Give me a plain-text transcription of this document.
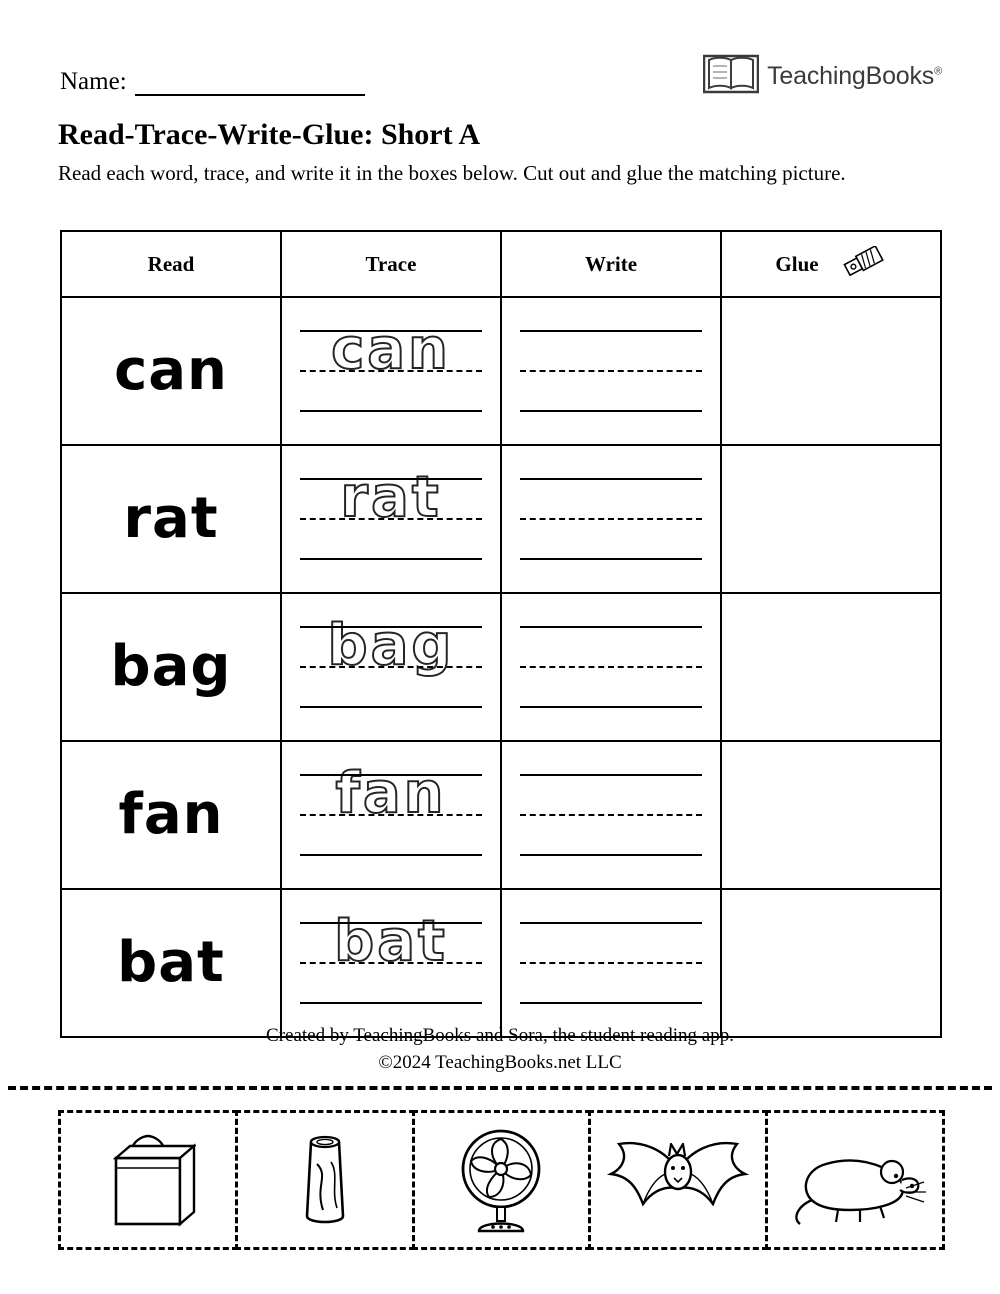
Name:	TeachingBooks®
Read-Trace-Write-Glue: Short A
Read each word, trace, and write it in the boxes below. Cut out and glue the matching picture.
Read	Trace	Write	Glue

can	can		

rat	rat		

bag	bag		

fan	fan		

bat	bat		

Created by TeachingBooks and Sora, the student reading app.
©2024 TeachingBooks.net LLC
